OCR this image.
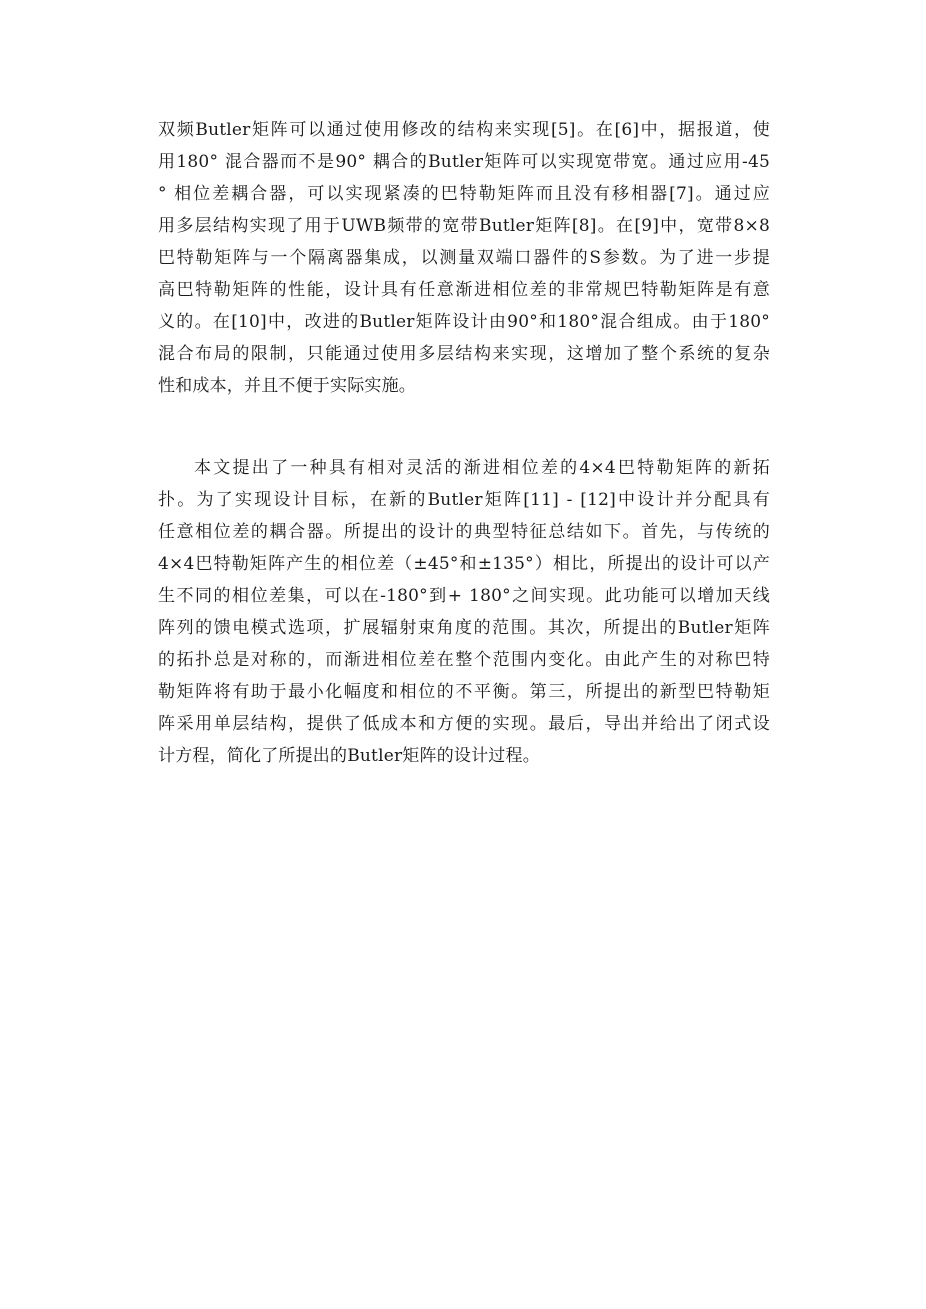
双频Butler矩阵可以通过使用修改的结构来实现[5]。在[6]中，据报道，使
用180° 混合器而不是90° 耦合的Butler矩阵可以实现宽带宽。通过应用-45
° 相位差耦合器，可以实现紧凑的巴特勒矩阵而且没有移相器[7]。通过应
用多层结构实现了用于UWB频带的宽带Butler矩阵[8]。在[9]中，宽带8×8
巴特勒矩阵与一个隔离器集成，以测量双端口器件的S参数。为了进一步提
高巴特勒矩阵的性能，设计具有任意渐进相位差的非常规巴特勒矩阵是有意
义的。在[10]中，改进的Butler矩阵设计由90°和180°混合组成。由于180°
混合布局的限制，只能通过使用多层结构来实现，这增加了整个系统的复杂
性和成本，并且不便于实际实施。
本文提出了一种具有相对灵活的渐进相位差的4×4巴特勒矩阵的新拓
扑。为了实现设计目标，在新的Butler矩阵[11] - [12]中设计并分配具有
任意相位差的耦合器。所提出的设计的典型特征总结如下。首先，与传统的
4×4巴特勒矩阵产生的相位差（±45°和±135°）相比，所提出的设计可以产
生不同的相位差集，可以在-180°到+ 180°之间实现。此功能可以增加天线
阵列的馈电模式选项，扩展辐射束角度的范围。其次，所提出的Butler矩阵
的拓扑总是对称的，而渐进相位差在整个范围内变化。由此产生的对称巴特
勒矩阵将有助于最小化幅度和相位的不平衡。第三，所提出的新型巴特勒矩
阵采用单层结构，提供了低成本和方便的实现。最后，导出并给出了闭式设
计方程，简化了所提出的Butler矩阵的设计过程。
